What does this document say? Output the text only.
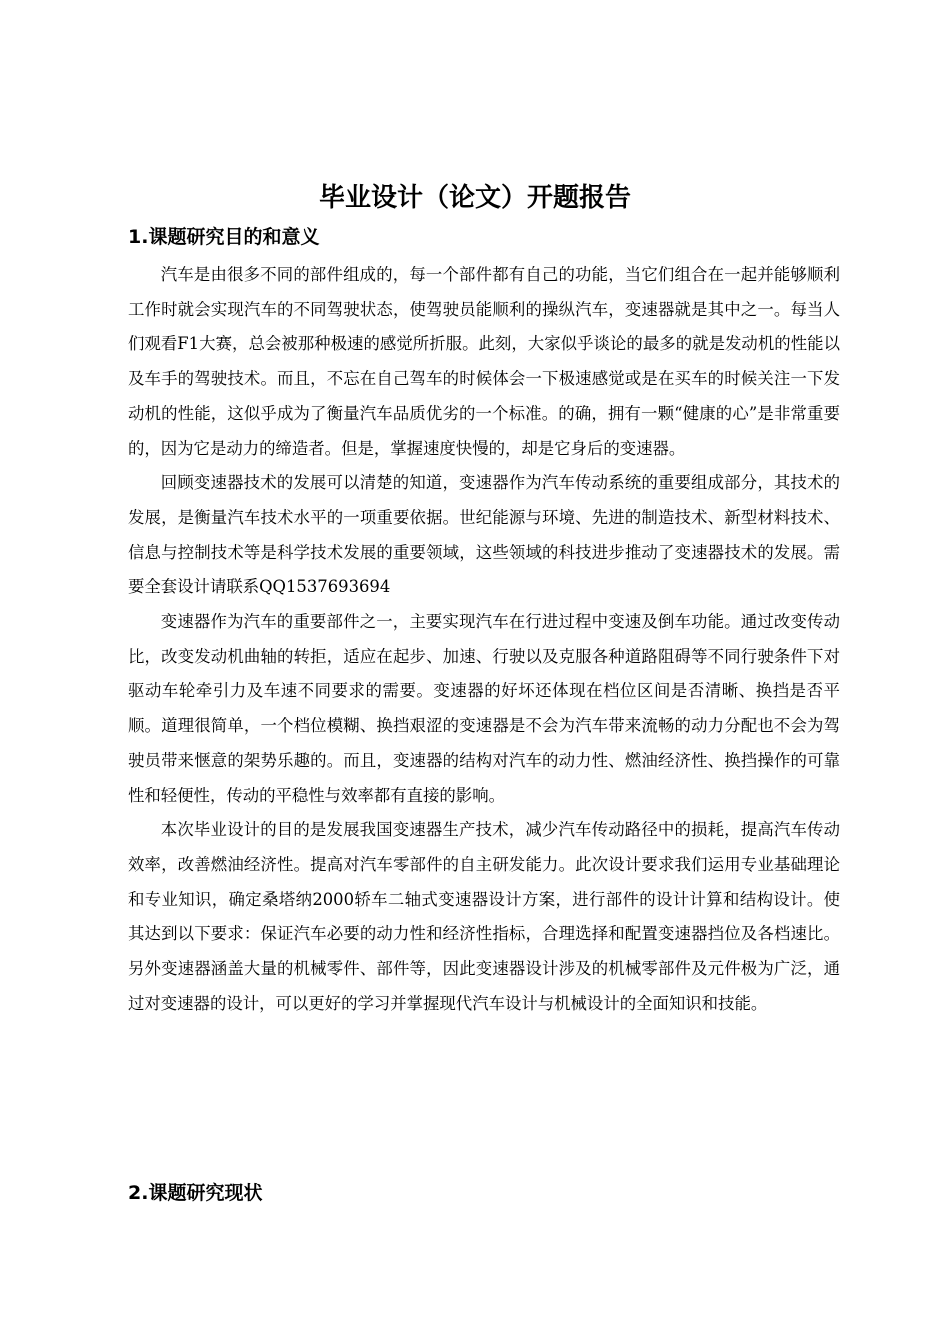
毕业设计（论文）开题报告
1.课题研究目的和意义

汽车是由很多不同的部件组成的，每一个部件都有自己的功能，当它们组合在一起并能够顺利工作时就会实现汽车的不同驾驶状态，使驾驶员能顺利的操纵汽车，变速器就是其中之一。每当人们观看F1大赛，总会被那种极速的感觉所折服。此刻，大家似乎谈论的最多的就是发动机的性能以及车手的驾驶技术。而且，不忘在自己驾车的时候体会一下极速感觉或是在买车的时候关注一下发动机的性能，这似乎成为了衡量汽车品质优劣的一个标准。的确，拥有一颗“健康的心”是非常重要的，因为它是动力的缔造者。但是，掌握速度快慢的，却是它身后的变速器。

回顾变速器技术的发展可以清楚的知道，变速器作为汽车传动系统的重要组成部分，其技术的发展，是衡量汽车技术水平的一项重要依据。世纪能源与环境、先进的制造技术、新型材料技术、信息与控制技术等是科学技术发展的重要领域，这些领域的科技进步推动了变速器技术的发展。需要全套设计请联系QQ1537693694

变速器作为汽车的重要部件之一，主要实现汽车在行进过程中变速及倒车功能。通过改变传动比，改变发动机曲轴的转拒，适应在起步、加速、行驶以及克服各种道路阻碍等不同行驶条件下对驱动车轮牵引力及车速不同要求的需要。变速器的好坏还体现在档位区间是否清晰、换挡是否平顺。道理很简单，一个档位模糊、换挡艰涩的变速器是不会为汽车带来流畅的动力分配也不会为驾驶员带来惬意的架势乐趣的。而且，变速器的结构对汽车的动力性、燃油经济性、换挡操作的可靠性和轻便性，传动的平稳性与效率都有直接的影响。

本次毕业设计的目的是发展我国变速器生产技术，减少汽车传动路径中的损耗，提高汽车传动效率，改善燃油经济性。提高对汽车零部件的自主研发能力。此次设计要求我们运用专业基础理论和专业知识，确定桑塔纳2000轿车二轴式变速器设计方案，进行部件的设计计算和结构设计。使其达到以下要求：保证汽车必要的动力性和经济性指标，合理选择和配置变速器挡位及各档速比。另外变速器涵盖大量的机械零件、部件等，因此变速器设计涉及的机械零部件及元件极为广泛，通过对变速器的设计，可以更好的学习并掌握现代汽车设计与机械设计的全面知识和技能。

2.课题研究现状
